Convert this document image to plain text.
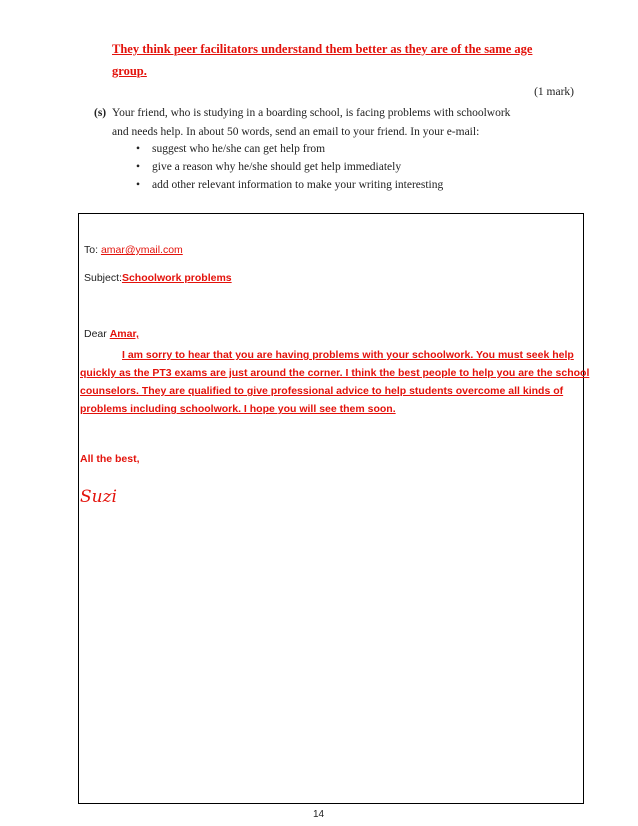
They think peer facilitators understand them better as they are of the same age
group.
(1 mark)
(s) Your friend, who is studying in a boarding school, is facing problems with schoolwork
and needs help. In about 50 words, send an email to your friend. In your e-mail:
• suggest who he/she can get help from
• give a reason why he/she should get help immediately
• add other relevant information to make your writing interesting
To: amar@ymail.com
Subject:Schoolwork problems
Dear Amar,
I am sorry to hear that you are having problems with your schoolwork. You must seek help
quickly as the PT3 exams are just around the corner. I think the best people to help you are the school
counselors. They are qualified to give professional advice to help students overcome all kinds of
problems including schoolwork. I hope you will see them soon.
All the best,
Suzi
14
